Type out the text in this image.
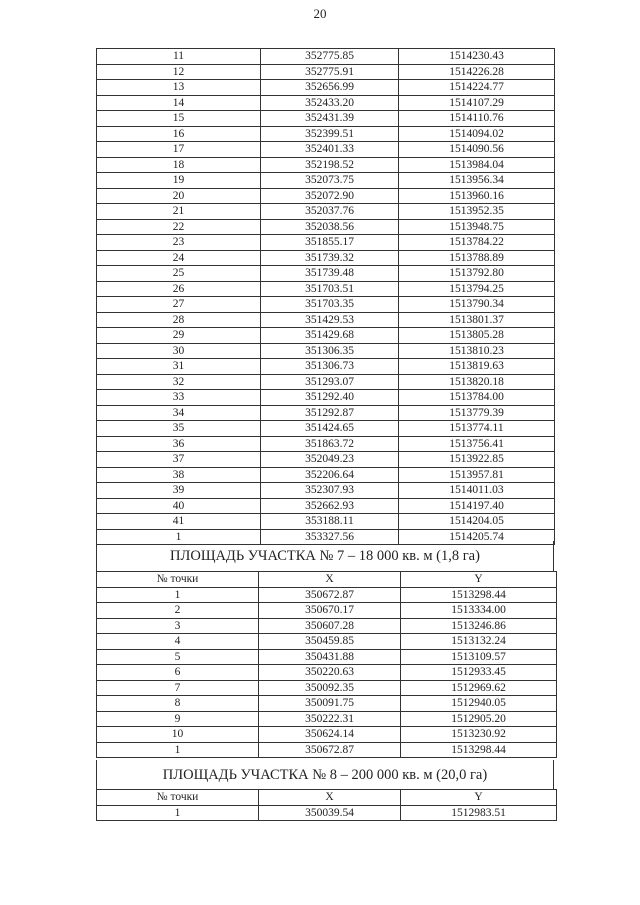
20
11	352775.85	1514230.43
12	352775.91	1514226.28
13	352656.99	1514224.77
14	352433.20	1514107.29
15	352431.39	1514110.76
16	352399.51	1514094.02
17	352401.33	1514090.56
18	352198.52	1513984.04
19	352073.75	1513956.34
20	352072.90	1513960.16
21	352037.76	1513952.35
22	352038.56	1513948.75
23	351855.17	1513784.22
24	351739.32	1513788.89
25	351739.48	1513792.80
26	351703.51	1513794.25
27	351703.35	1513790.34
28	351429.53	1513801.37
29	351429.68	1513805.28
30	351306.35	1513810.23
31	351306.73	1513819.63
32	351293.07	1513820.18
33	351292.40	1513784.00
34	351292.87	1513779.39
35	351424.65	1513774.11
36	351863.72	1513756.41
37	352049.23	1513922.85
38	352206.64	1513957.81
39	352307.93	1514011.03
40	352662.93	1514197.40
41	353188.11	1514204.05
1	353327.56	1514205.74
ПЛОЩАДЬ УЧАСТКА № 7 – 18 000 кв. м (1,8 га)
№ точки	X	Y
1	350672.87	1513298.44
2	350670.17	1513334.00
3	350607.28	1513246.86
4	350459.85	1513132.24
5	350431.88	1513109.57
6	350220.63	1512933.45
7	350092.35	1512969.62
8	350091.75	1512940.05
9	350222.31	1512905.20
10	350624.14	1513230.92
1	350672.87	1513298.44
ПЛОЩАДЬ УЧАСТКА № 8 – 200 000 кв. м (20,0 га)
№ точки	X	Y
1	350039.54	1512983.51
